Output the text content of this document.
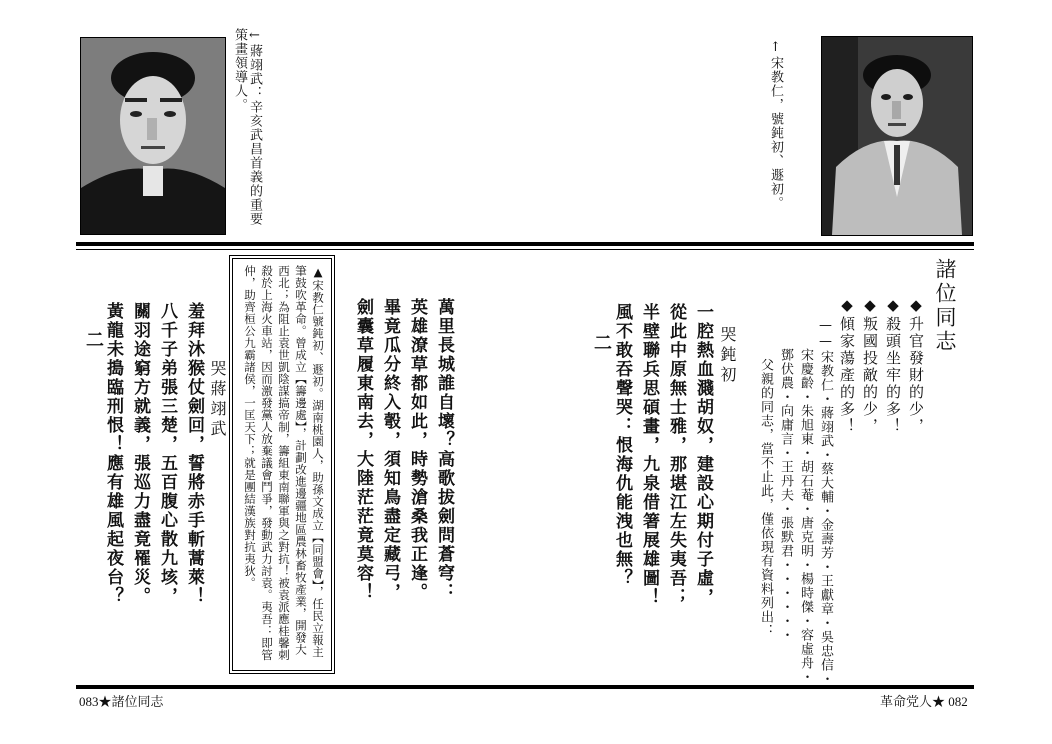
←蔣翊武：辛亥武昌首義的重要策畫領導人。	↑宋教仁，號鈍初、遯初。
諸位同志
◆升官發財的少，
◆殺頭坐牢的多！
◆叛國投敵的少，
◆傾家蕩產的多！
——宋教仁・蔣翊武・蔡大輔・金壽芳・王獻章・吳忠信・
宋慶齡・朱旭東・胡石菴・唐克明・楊時傑・容虛舟・
鄧伏農・向庸言・王丹夫・張默君・・・・・・
父親的同志，當不止此，僅依現有資料列出：
哭鈍初
一腔熱血濺胡奴，建設心期付子虛，
從此中原無士雅，那堪江左失夷吾；
半壁聯兵思碩畫，九泉借箸展雄圖！
風不敢吞聲哭：恨海仇能洩也無？
二
萬里長城誰自壞？高歌拔劍問蒼穹：
英雄潦草都如此，時勢滄桑我正逢。
畢竟瓜分終入彀，須知鳥盡定藏弓，
劍囊草履東南去，大陸茫茫竟莫容！
▲宋教仁號鈍初、遯初。湖南桃園人，助孫文成立【同盟會】，任民立報主筆鼓吹革命。曾成立【籌邊處】，計劃改進邊疆地區農林畜牧產業，開發大西北；為阻止袁世凱陰謀搞帝制，籌組東南聯軍與之對抗！被袁派應桂馨刺殺於上海火車站，因而激發黨人放棄議會鬥爭，發動武力討袁。夷吾：即管仲，助齊桓公九霸諸侯，一匡天下；就是團結漢族對抗夷狄。
哭蔣翊武
羞拜沐猴仗劍回，誓將赤手斬蒿萊！
八千子弟張三楚，五百腹心散九垓，
關羽途窮方就義，張巡力盡竟罹災。
黃龍未搗臨刑恨！應有雄風起夜台？
二
083★諸位同志	革命党人★ 082
